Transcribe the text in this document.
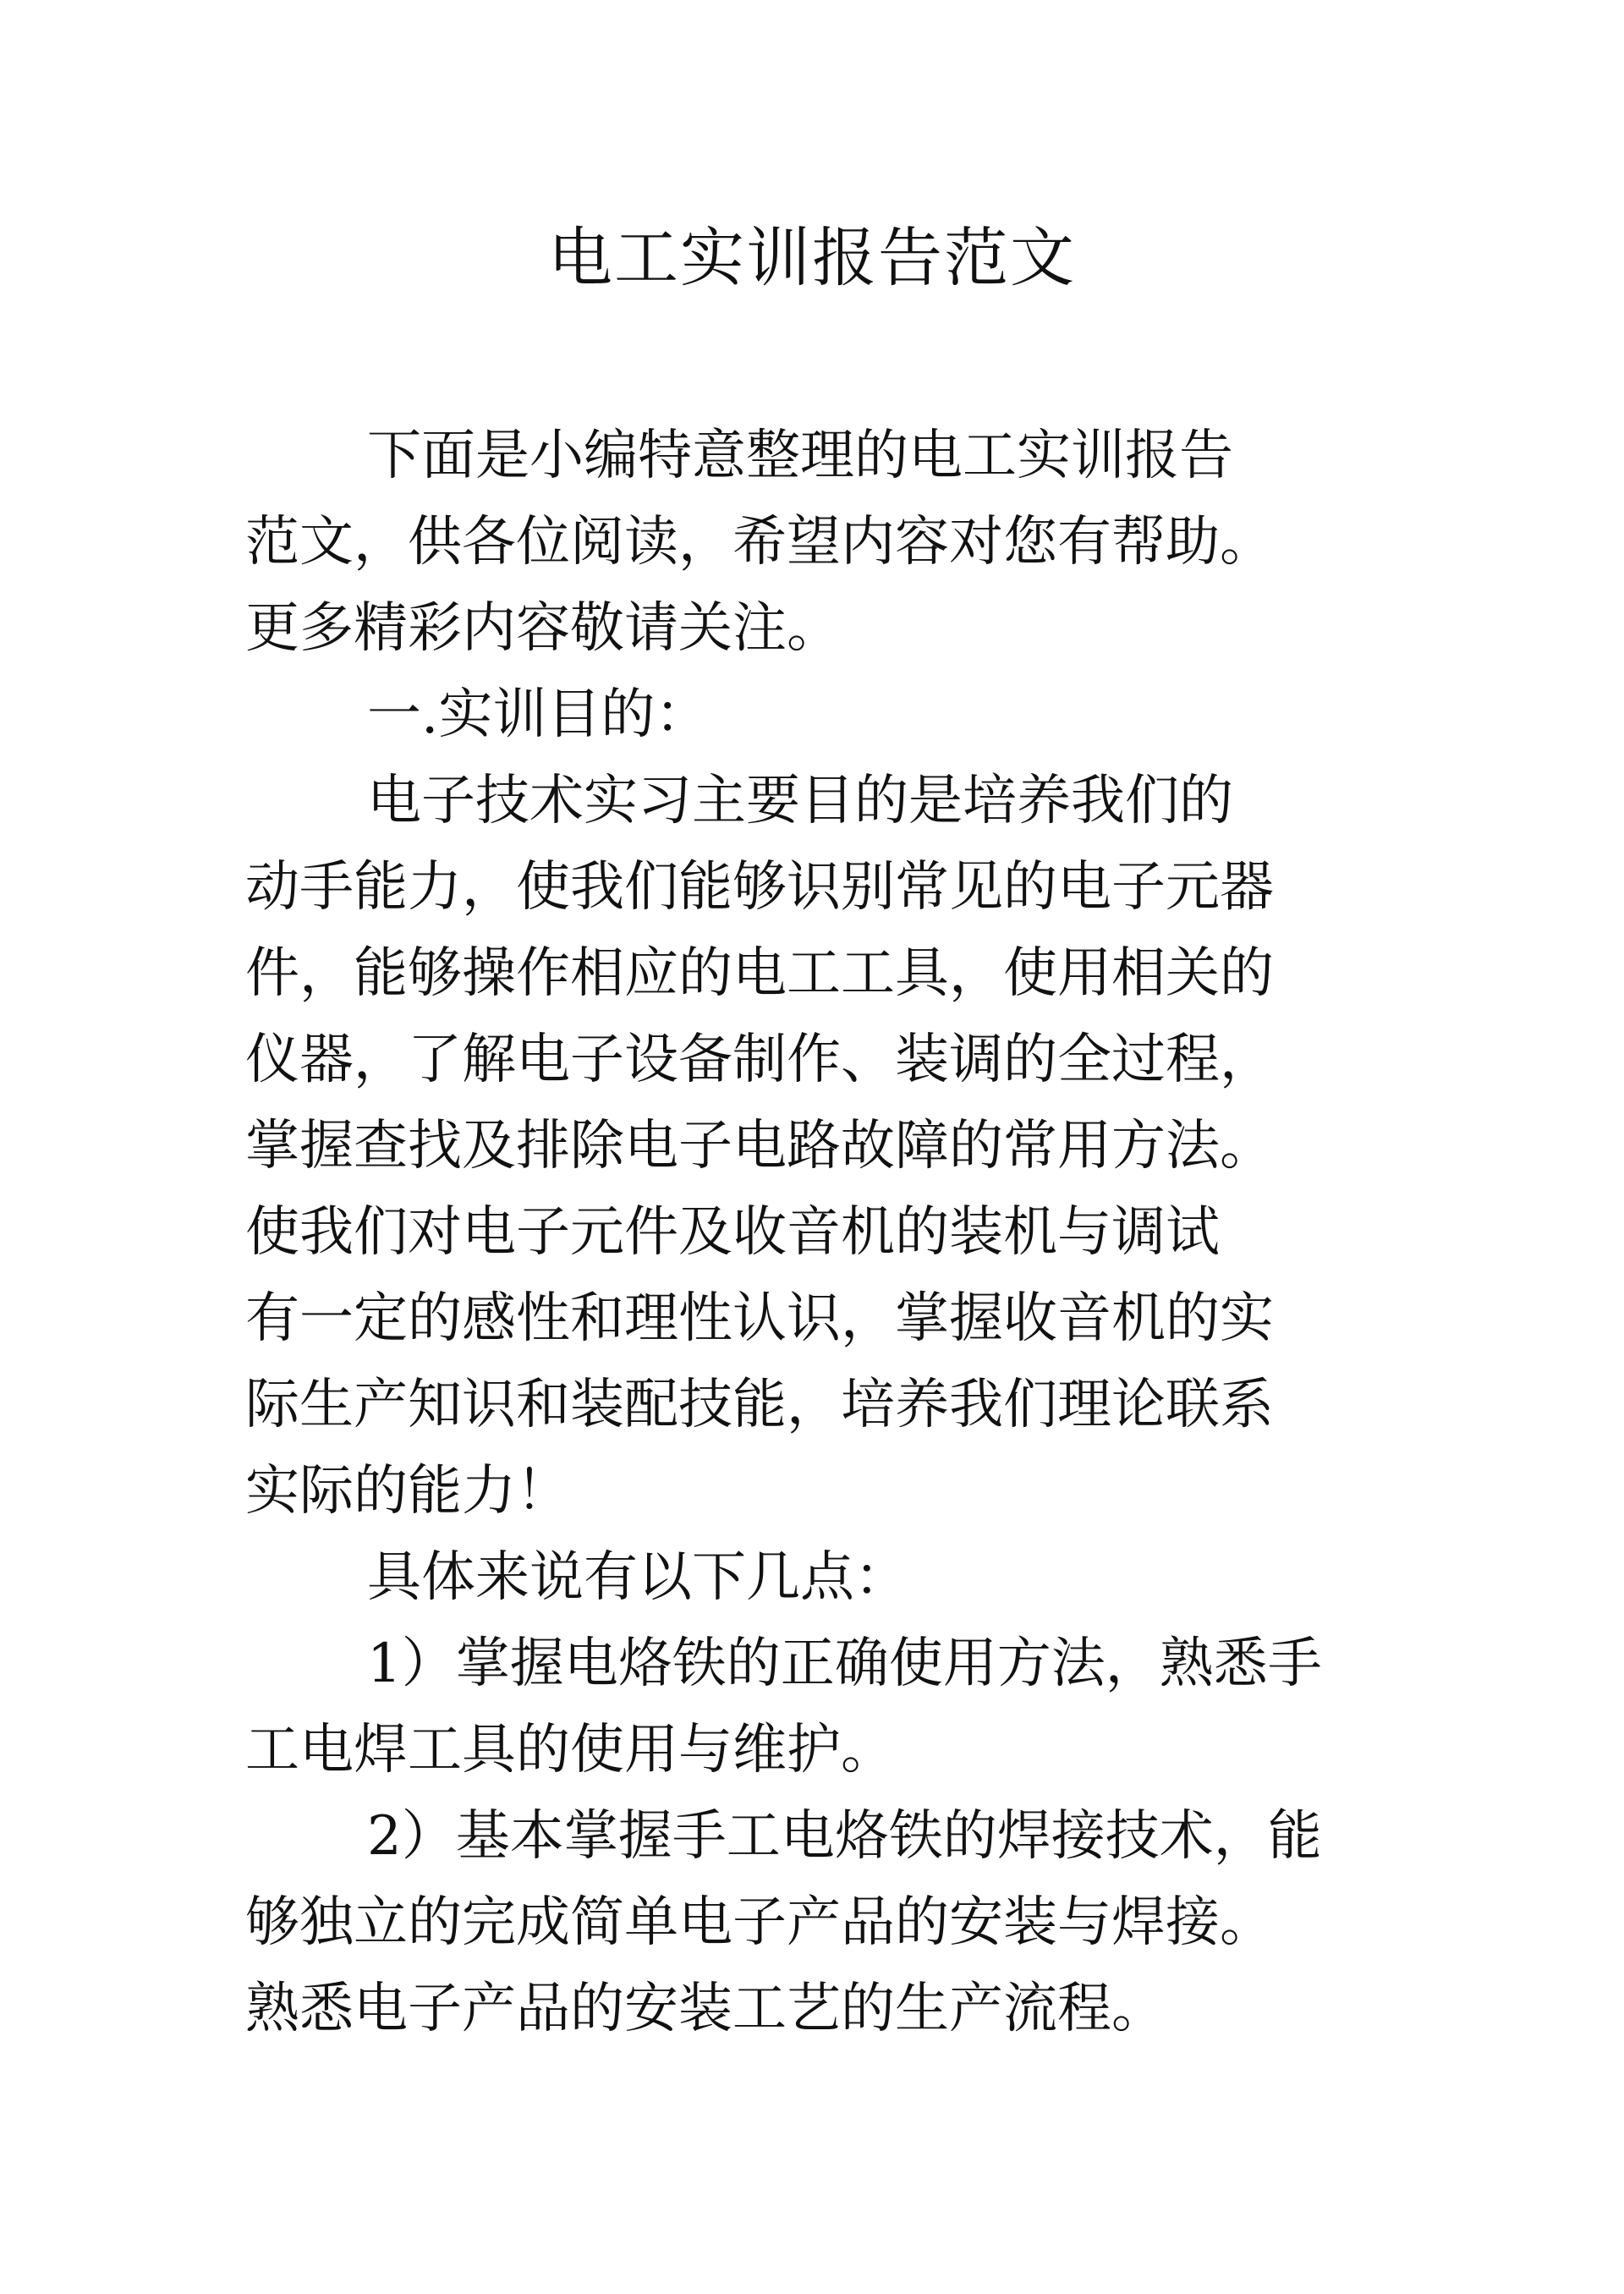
电工实训报告范文

下面是小编特意整理的电工实训报告

范文，供各位阅读，希望内容对您有帮助。

更多精彩内容敬请关注。

一.实训目的：

电子技术实习主要目的是培养我们的

动手能力，使我们能够识别常见的电子元器

件，能够操作相应的电工工具，使用相关的

仪器，了解电子设备制作、装调的全过程，

掌握查找及排除电子电路故障的常用方法。

使我们对电子元件及收音机的装机与调试

有一定的感性和理性认识，掌握收音机的实

际生产知识和装配技能，培养我们理论联系

实际的能力！

具体来说有以下几点：

1）掌握电烙铁的正确使用方法，熟悉手

工电焊工具的使用与维护。

2）基本掌握手工电烙铁的焊接技术，能

够独立的完成简单电子产品的安装与焊接。

熟悉电子产品的安装工艺的生产流程。
